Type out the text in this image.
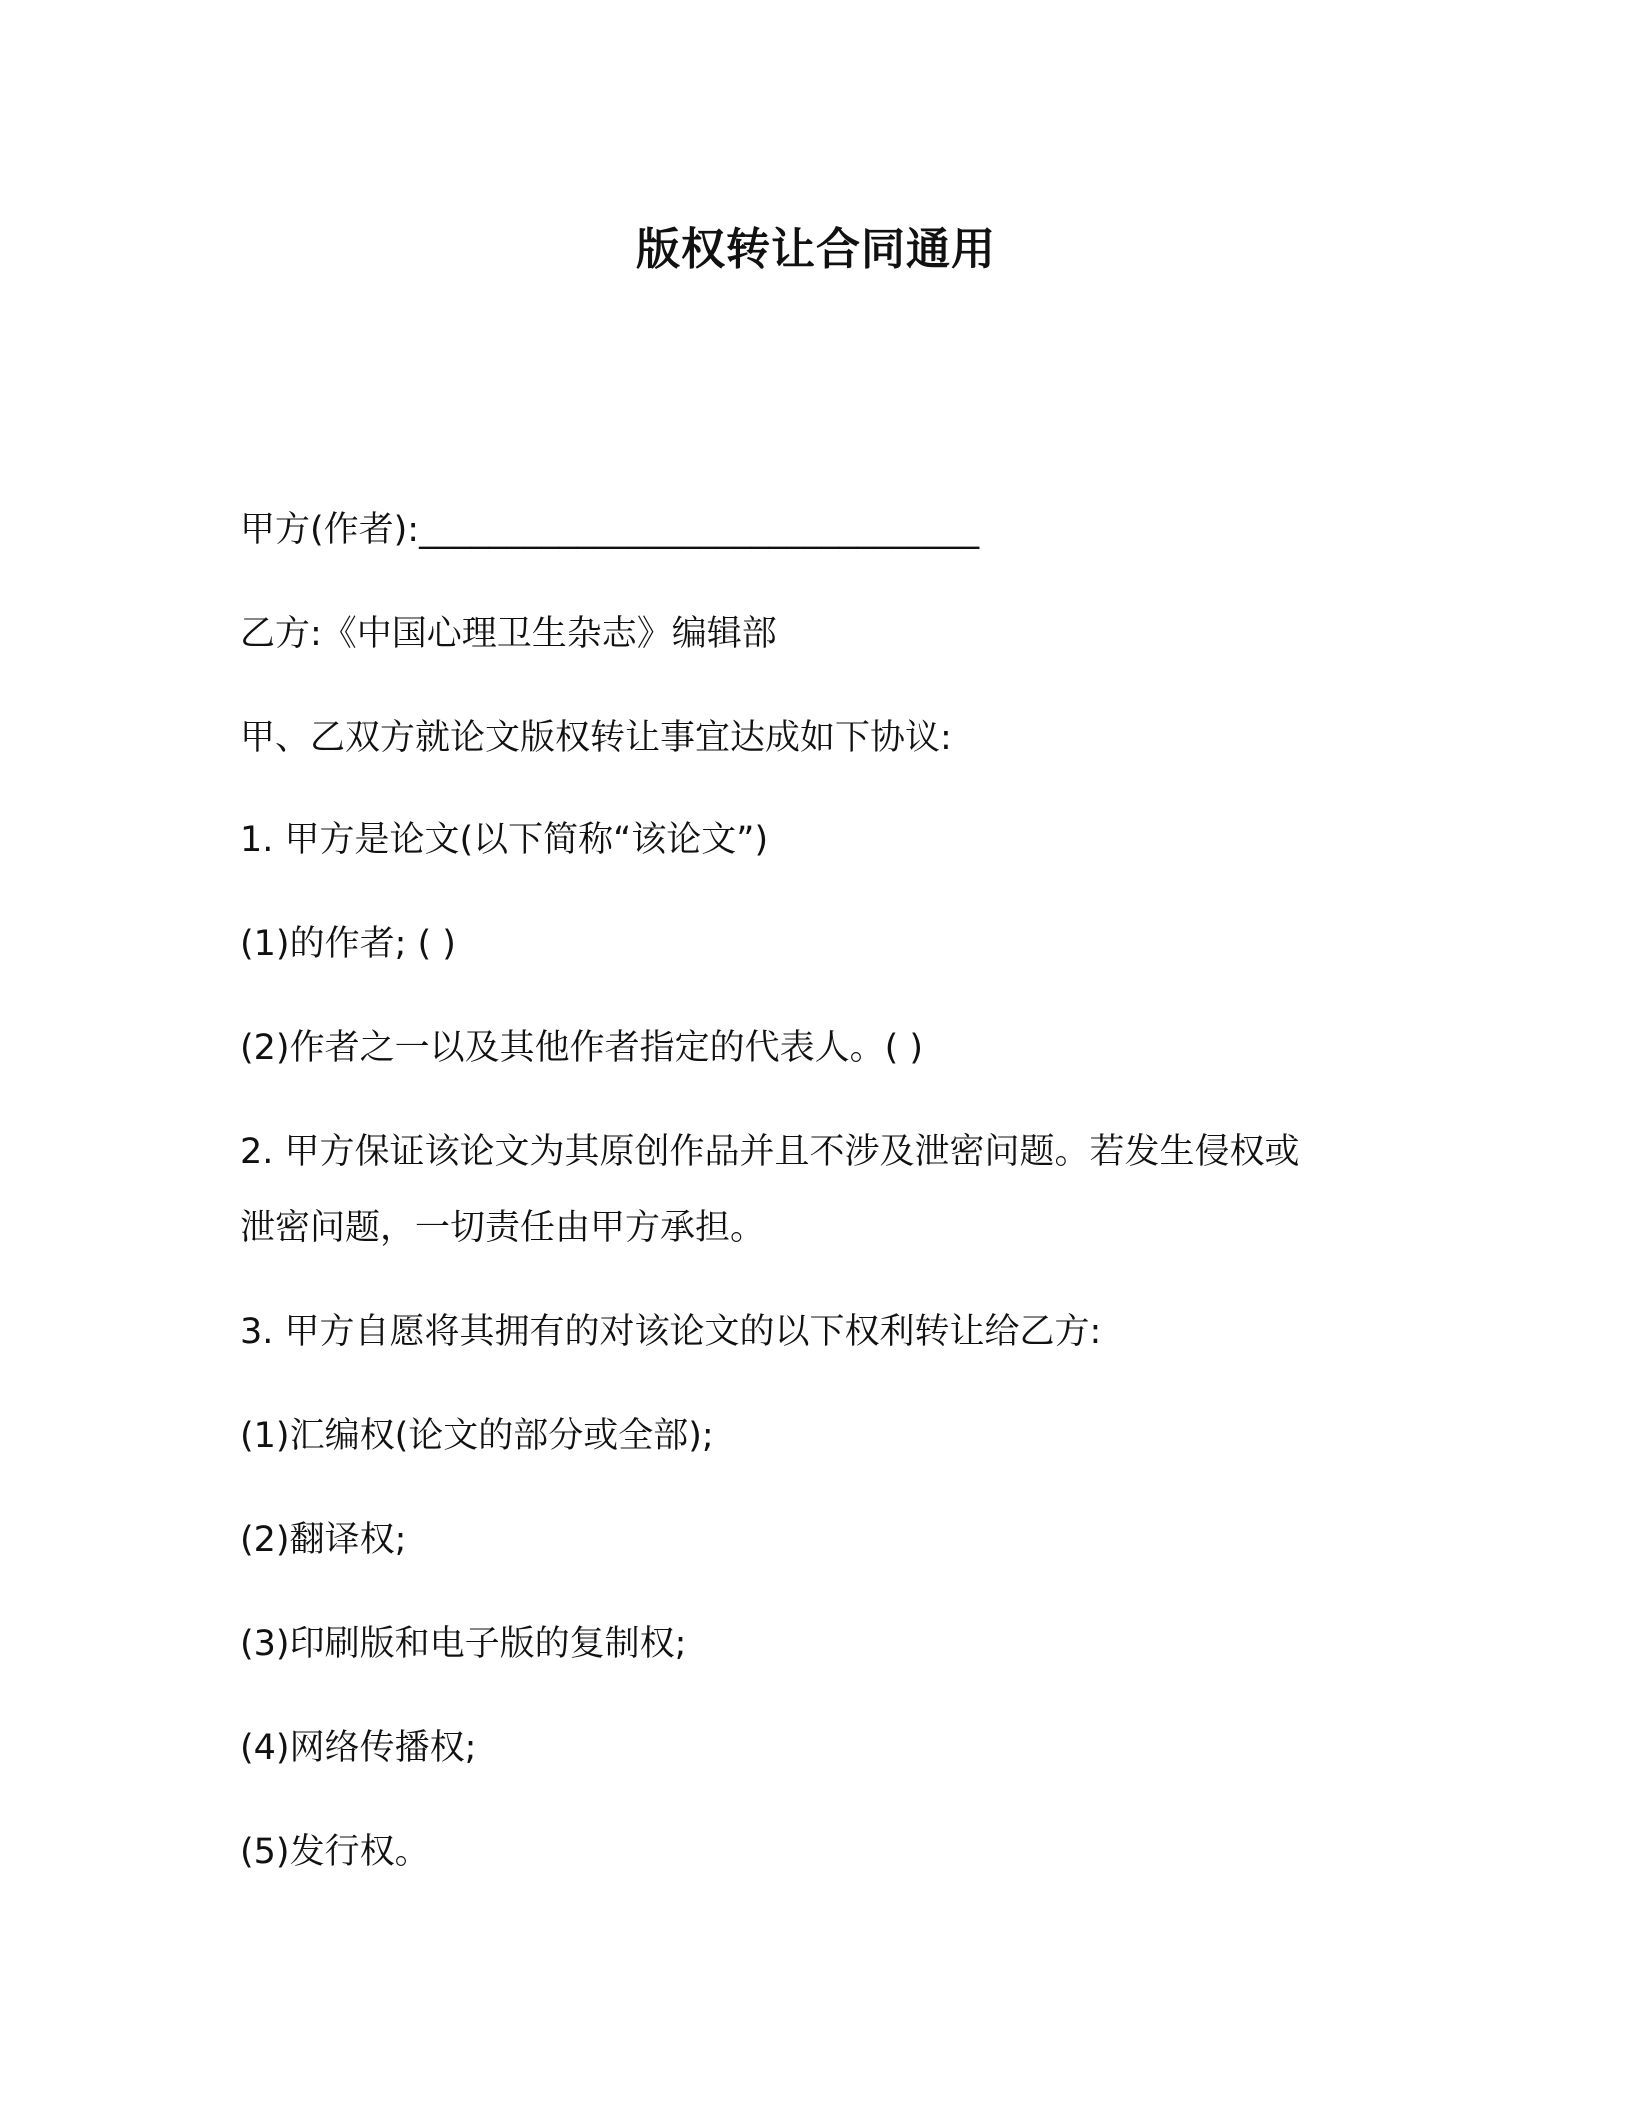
版权转让合同通用
甲方(作者):________________________________
乙方:《中国心理卫生杂志》编辑部
甲、乙双方就论文版权转让事宜达成如下协议:
1. 甲方是论文(以下简称“该论文”)
(1)的作者; ( )
(2)作者之一以及其他作者指定的代表人。( )
2. 甲方保证该论文为其原创作品并且不涉及泄密问题。若发生侵权或
泄密问题，一切责任由甲方承担。
3. 甲方自愿将其拥有的对该论文的以下权利转让给乙方:
(1)汇编权(论文的部分或全部);
(2)翻译权;
(3)印刷版和电子版的复制权;
(4)网络传播权;
(5)发行权。
